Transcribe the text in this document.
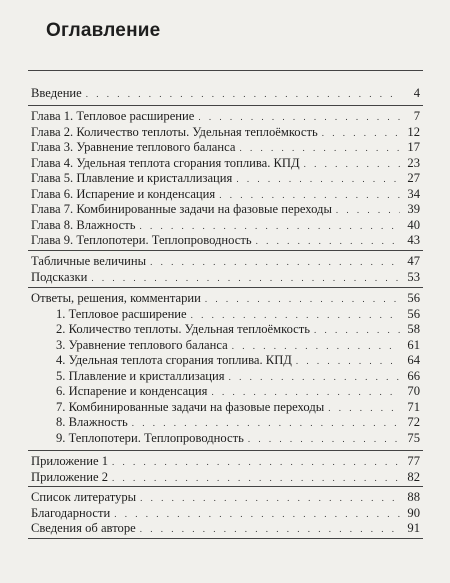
Оглавление
Введение . . .	4
Глава 1. Тепловое расширение . . .	7
Глава 2. Количество теплоты. Удельная теплоёмкость . . .	12
Глава 3. Уравнение теплового баланса . . .	17
Глава 4. Удельная теплота сгорания топлива. КПД . . .	23
Глава 5. Плавление и кристаллизация . . .	27
Глава 6. Испарение и конденсация . . .	34
Глава 7. Комбинированные задачи на фазовые переходы . . .	39
Глава 8. Влажность . . .	40
Глава 9. Теплопотери. Теплопроводность . . .	43
Табличные величины . . .	47
Подсказки . . .	53
Ответы, решения, комментарии . . .	56
1. Тепловое расширение . . .	56
2. Количество теплоты. Удельная теплоёмкость . . .	58
3. Уравнение теплового баланса . . .	61
4. Удельная теплота сгорания топлива. КПД . . .	64
5. Плавление и кристаллизация . . .	66
6. Испарение и конденсация . . .	70
7. Комбинированные задачи на фазовые переходы . . .	71
8. Влажность . . .	72
9. Теплопотери. Теплопроводность . . .	75
Приложение 1 . . .	77
Приложение 2 . . .	82
Список литературы . . .	88
Благодарности . . .	90
Сведения об авторе . . .	91
